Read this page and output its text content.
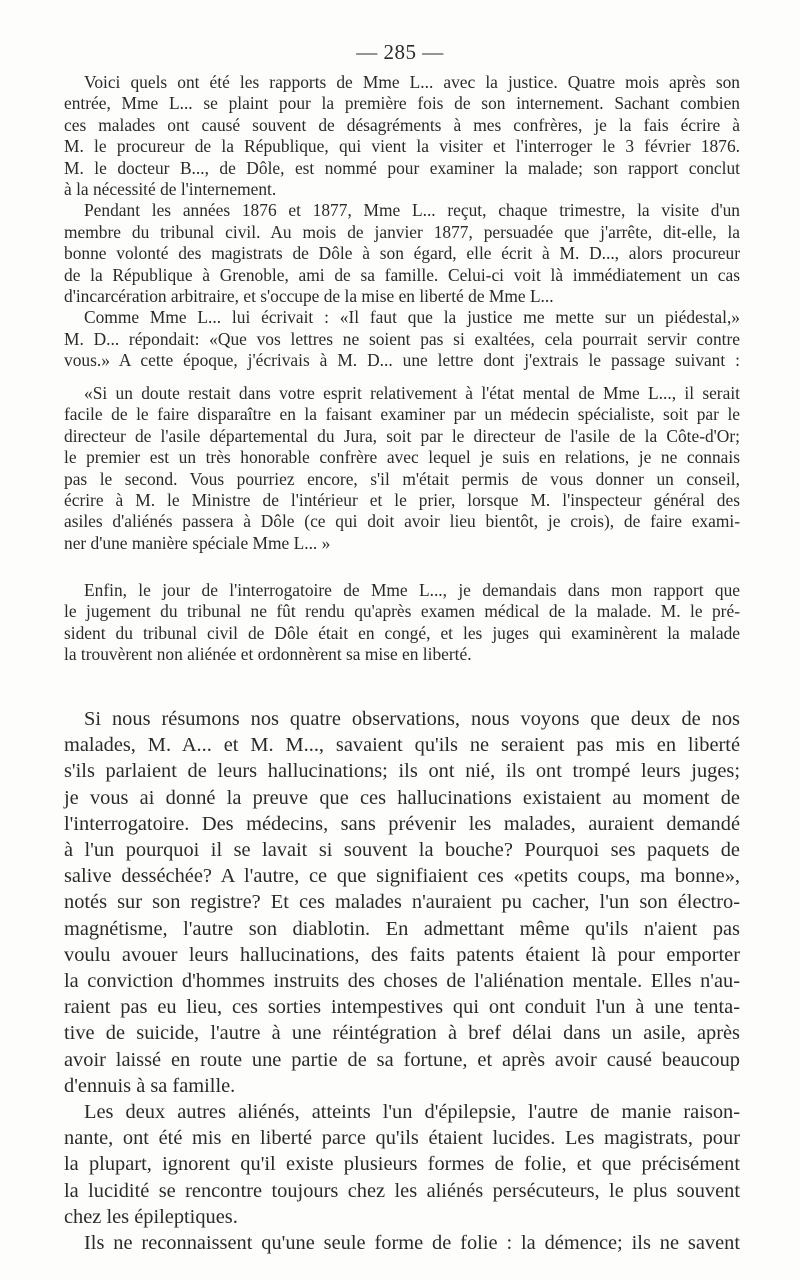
— 285 —
Voici quels ont été les rapports de Mme L... avec la justice. Quatre mois après son
entrée, Mme L... se plaint pour la première fois de son internement. Sachant combien
ces malades ont causé souvent de désagréments à mes confrères, je la fais écrire à
M. le procureur de la République, qui vient la visiter et l'interroger le 3 février 1876.
M. le docteur B..., de Dôle, est nommé pour examiner la malade; son rapport conclut
à la nécessité de l'internement.
Pendant les années 1876 et 1877, Mme L... reçut, chaque trimestre, la visite d'un
membre du tribunal civil. Au mois de janvier 1877, persuadée que j'arrête, dit-elle, la
bonne volonté des magistrats de Dôle à son égard, elle écrit à M. D..., alors procureur
de la République à Grenoble, ami de sa famille. Celui-ci voit là immédiatement un cas
d'incarcération arbitraire, et s'occupe de la mise en liberté de Mme L...
Comme Mme L... lui écrivait : «Il faut que la justice me mette sur un piédestal,»
M. D... répondait: «Que vos lettres ne soient pas si exaltées, cela pourrait servir contre
vous.» A cette époque, j'écrivais à M. D... une lettre dont j'extrais le passage suivant :
«Si un doute restait dans votre esprit relativement à l'état mental de Mme L..., il serait
facile de le faire disparaître en la faisant examiner par un médecin spécialiste, soit par le
directeur de l'asile départemental du Jura, soit par le directeur de l'asile de la Côte-d'Or;
le premier est un très honorable confrère avec lequel je suis en relations, je ne connais
pas le second. Vous pourriez encore, s'il m'était permis de vous donner un conseil,
écrire à M. le Ministre de l'intérieur et le prier, lorsque M. l'inspecteur général des
asiles d'aliénés passera à Dôle (ce qui doit avoir lieu bientôt, je crois), de faire exami-
ner d'une manière spéciale Mme L... »
Enfin, le jour de l'interrogatoire de Mme L..., je demandais dans mon rapport que
le jugement du tribunal ne fût rendu qu'après examen médical de la malade. M. le pré-
sident du tribunal civil de Dôle était en congé, et les juges qui examinèrent la malade
la trouvèrent non aliénée et ordonnèrent sa mise en liberté.
Si nous résumons nos quatre observations, nous voyons que deux de nos
malades, M. A... et M. M..., savaient qu'ils ne seraient pas mis en liberté
s'ils parlaient de leurs hallucinations; ils ont nié, ils ont trompé leurs juges;
je vous ai donné la preuve que ces hallucinations existaient au moment de
l'interrogatoire. Des médecins, sans prévenir les malades, auraient demandé
à l'un pourquoi il se lavait si souvent la bouche? Pourquoi ses paquets de
salive desséchée? A l'autre, ce que signifiaient ces «petits coups, ma bonne»,
notés sur son registre? Et ces malades n'auraient pu cacher, l'un son électro-
magnétisme, l'autre son diablotin. En admettant même qu'ils n'aient pas
voulu avouer leurs hallucinations, des faits patents étaient là pour emporter
la conviction d'hommes instruits des choses de l'aliénation mentale. Elles n'au-
raient pas eu lieu, ces sorties intempestives qui ont conduit l'un à une tenta-
tive de suicide, l'autre à une réintégration à bref délai dans un asile, après
avoir laissé en route une partie de sa fortune, et après avoir causé beaucoup
d'ennuis à sa famille.
Les deux autres aliénés, atteints l'un d'épilepsie, l'autre de manie raison-
nante, ont été mis en liberté parce qu'ils étaient lucides. Les magistrats, pour
la plupart, ignorent qu'il existe plusieurs formes de folie, et que précisément
la lucidité se rencontre toujours chez les aliénés persécuteurs, le plus souvent
chez les épileptiques.
Ils ne reconnaissent qu'une seule forme de folie : la démence; ils ne savent
